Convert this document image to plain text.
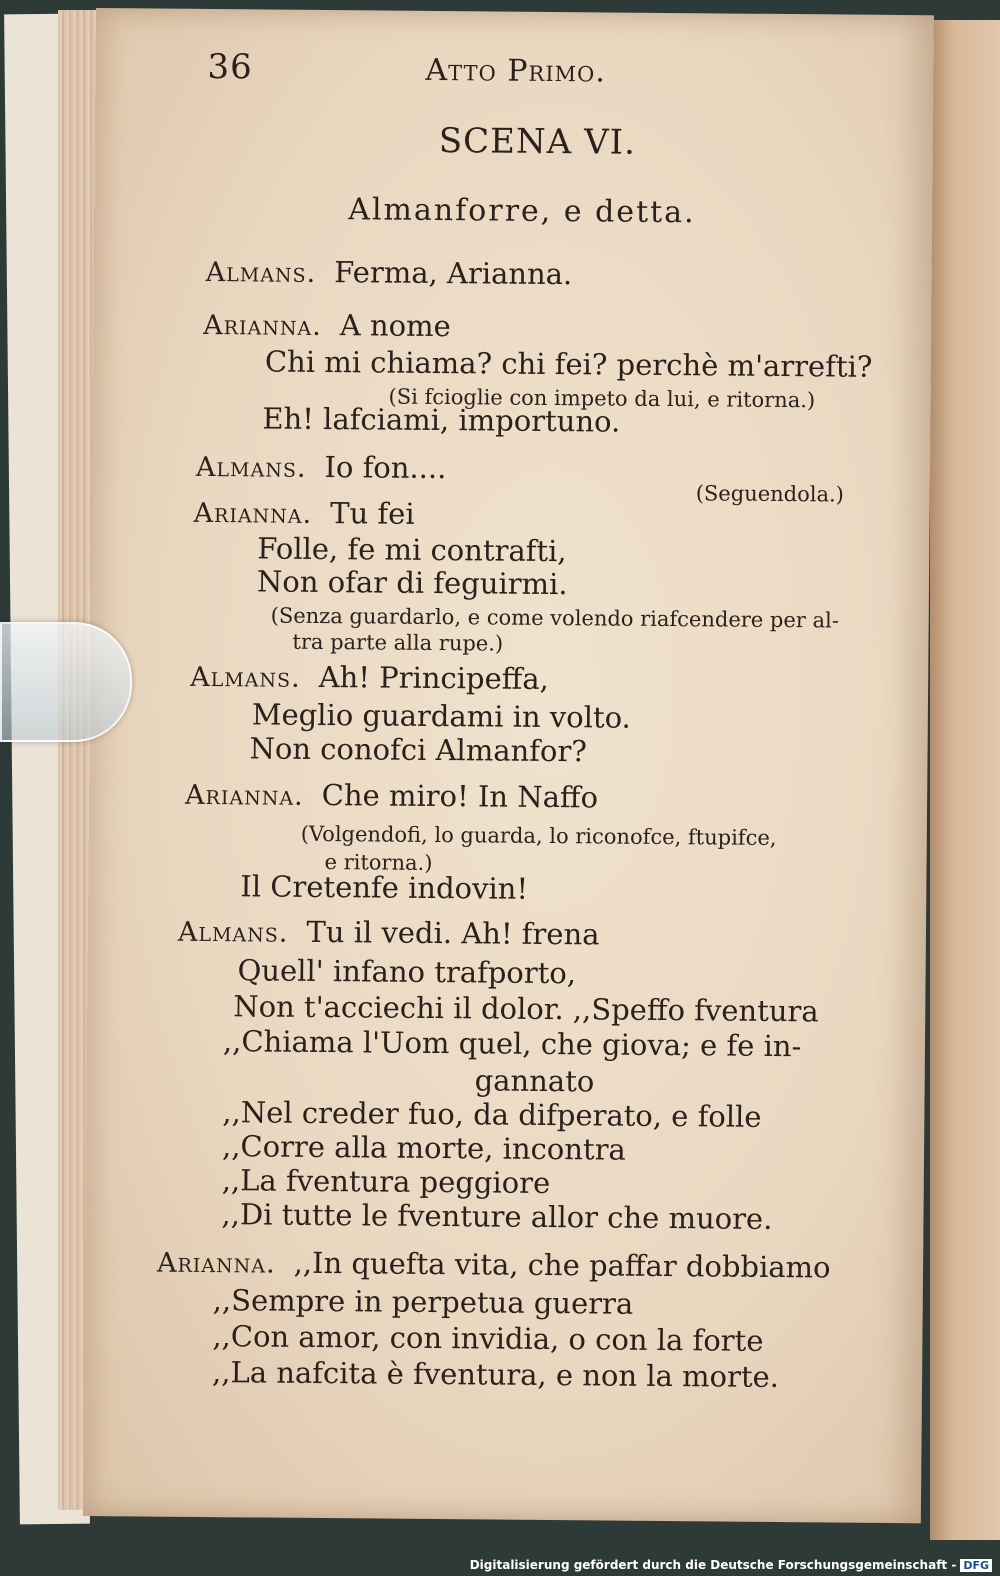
36	Atto Primo.
SCENA VI.
Almanforre, e detta.
Almans. Ferma, Arianna.
Arianna. A nome
Chi mi chiama? chi fei? perchè m'arrefti?
(Si fcioglie con impeto da lui, e ritorna.)
Eh! lafciami, importuno.
Almans. Io fon....
(Seguendola.)
Arianna. Tu fei
Folle, fe mi contrafti,
Non ofar di feguirmi.
(Senza guardarlo, e come volendo riafcendere per al-
tra parte alla rupe.)
Almans. Ah! Principeffa,
Meglio guardami in volto.
Non conofci Almanfor?
Arianna. Che miro! In Naffo
(Volgendofi, lo guarda, lo riconofce, ftupifce,
e ritorna.)
Il Cretenfe indovin!
Almans. Tu il vedi. Ah! frena
Quell' infano trafporto,
Non t'acciechi il dolor. ,,Speffo fventura
,,Chiama l'Uom quel, che giova; e fe in-
gannato
,,Nel creder fuo, da difperato, e folle
,,Corre alla morte, incontra
,,La fventura peggiore
,,Di tutte le fventure allor che muore.
Arianna. ,,In quefta vita, che paffar dobbiamo
,,Sempre in perpetua guerra
,,Con amor, con invidia, o con la forte
,,La nafcita è fventura, e non la morte.
Digitalisierung gefördert durch die Deutsche Forschungsgemeinschaft - DFG
